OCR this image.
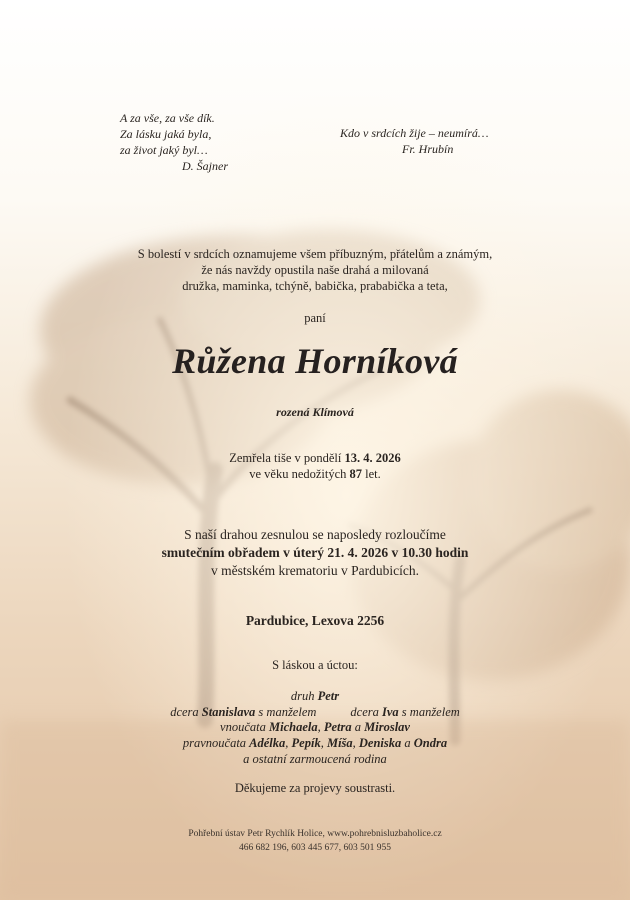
A za vše, za vše dík.
Za lásku jaká byla,
za život jaký byl…
D. Šajner
Kdo v srdcích žije – neumírá…
Fr. Hrubín
S bolestí v srdcích oznamujeme všem příbuzným, přátelům a známým,
že nás navždy opustila naše drahá a milovaná
družka, maminka, tchýně, babička, prababička a teta,
paní
Růžena Horníková
rozená Klímová
Zemřela tiše v pondělí 13. 4. 2026
ve věku nedožitých 87 let.
S naší drahou zesnulou se naposledy rozloučíme
smutečním obřadem v úterý 21. 4. 2026 v 10.30 hodin
v městském krematoriu v Pardubicích.
Pardubice, Lexova 2256
S láskou a úctou:
druh Petr
dcera Stanislava s manželem	dcera Iva s manželem
vnoučata Michaela, Petra a Miroslav
pravnoučata Adélka, Pepík, Míša, Deniska a Ondra
a ostatní zarmoucená rodina
Děkujeme za projevy soustrasti.
Pohřební ústav Petr Rychlík Holice, www.pohrebnisluzbaholice.cz
466 682 196, 603 445 677, 603 501 955
